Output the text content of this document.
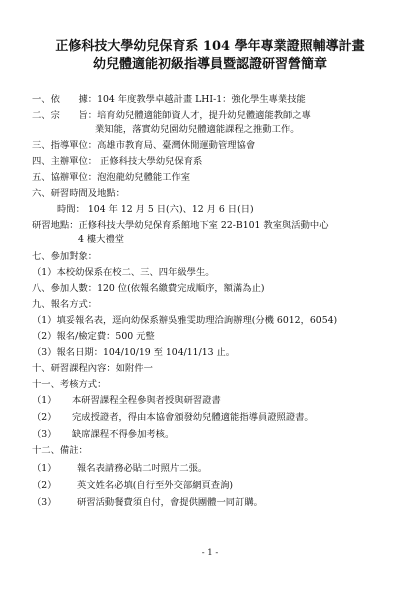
正修科技大學幼兒保育系 104 學年專業證照輔導計畫
幼兒體適能初級指導員暨認證研習營簡章
一、依　　據：104 年度教學卓越計畫 LHI-1：強化學生專業技能
二、宗　　旨：培育幼兒體適能師資人才，提升幼兒體適能教師之專
業知能，落實幼兒園幼兒體適能課程之推動工作。
三、指導單位：高雄市教育局、臺灣休閒運動管理協會
四、主辦單位： 正修科技大學幼兒保育系
五、協辦單位：泡泡龍幼兒體能工作室
六、研習時間及地點：
時間： 104 年 12 月 5 日(六)、12 月 6 日(日)
研習地點：正修科技大學幼兒保育系館地下室 22-B101 教室與活動中心
4 樓大禮堂
七、參加對象：
（1）本校幼保系在校二、三、四年級學生。
八、參加人數：120 位(依報名繳費完成順序，額滿為止)
九、報名方式：
（1）填妥報名表，逕向幼保系辦吳雅雯助理洽詢辦理(分機 6012，6054)
（2）報名/檢定費：500 元整
（3）報名日期：104/10/19 至 104/11/13 止。
十、研習課程內容：如附件一
十一、考核方式：
（1） 本研習課程全程參與者授與研習證書
（2） 完成授證者，得由本協會頒發幼兒體適能指導員證照證書。
（3） 缺席課程不得參加考核。
十二、備註：
（1） 報名表請務必貼二吋照片二張。
（2） 英文姓名必填(自行至外交部網頁查詢)
（3） 研習活動餐費須自付，會提供團體一同訂購。
- 1 -
